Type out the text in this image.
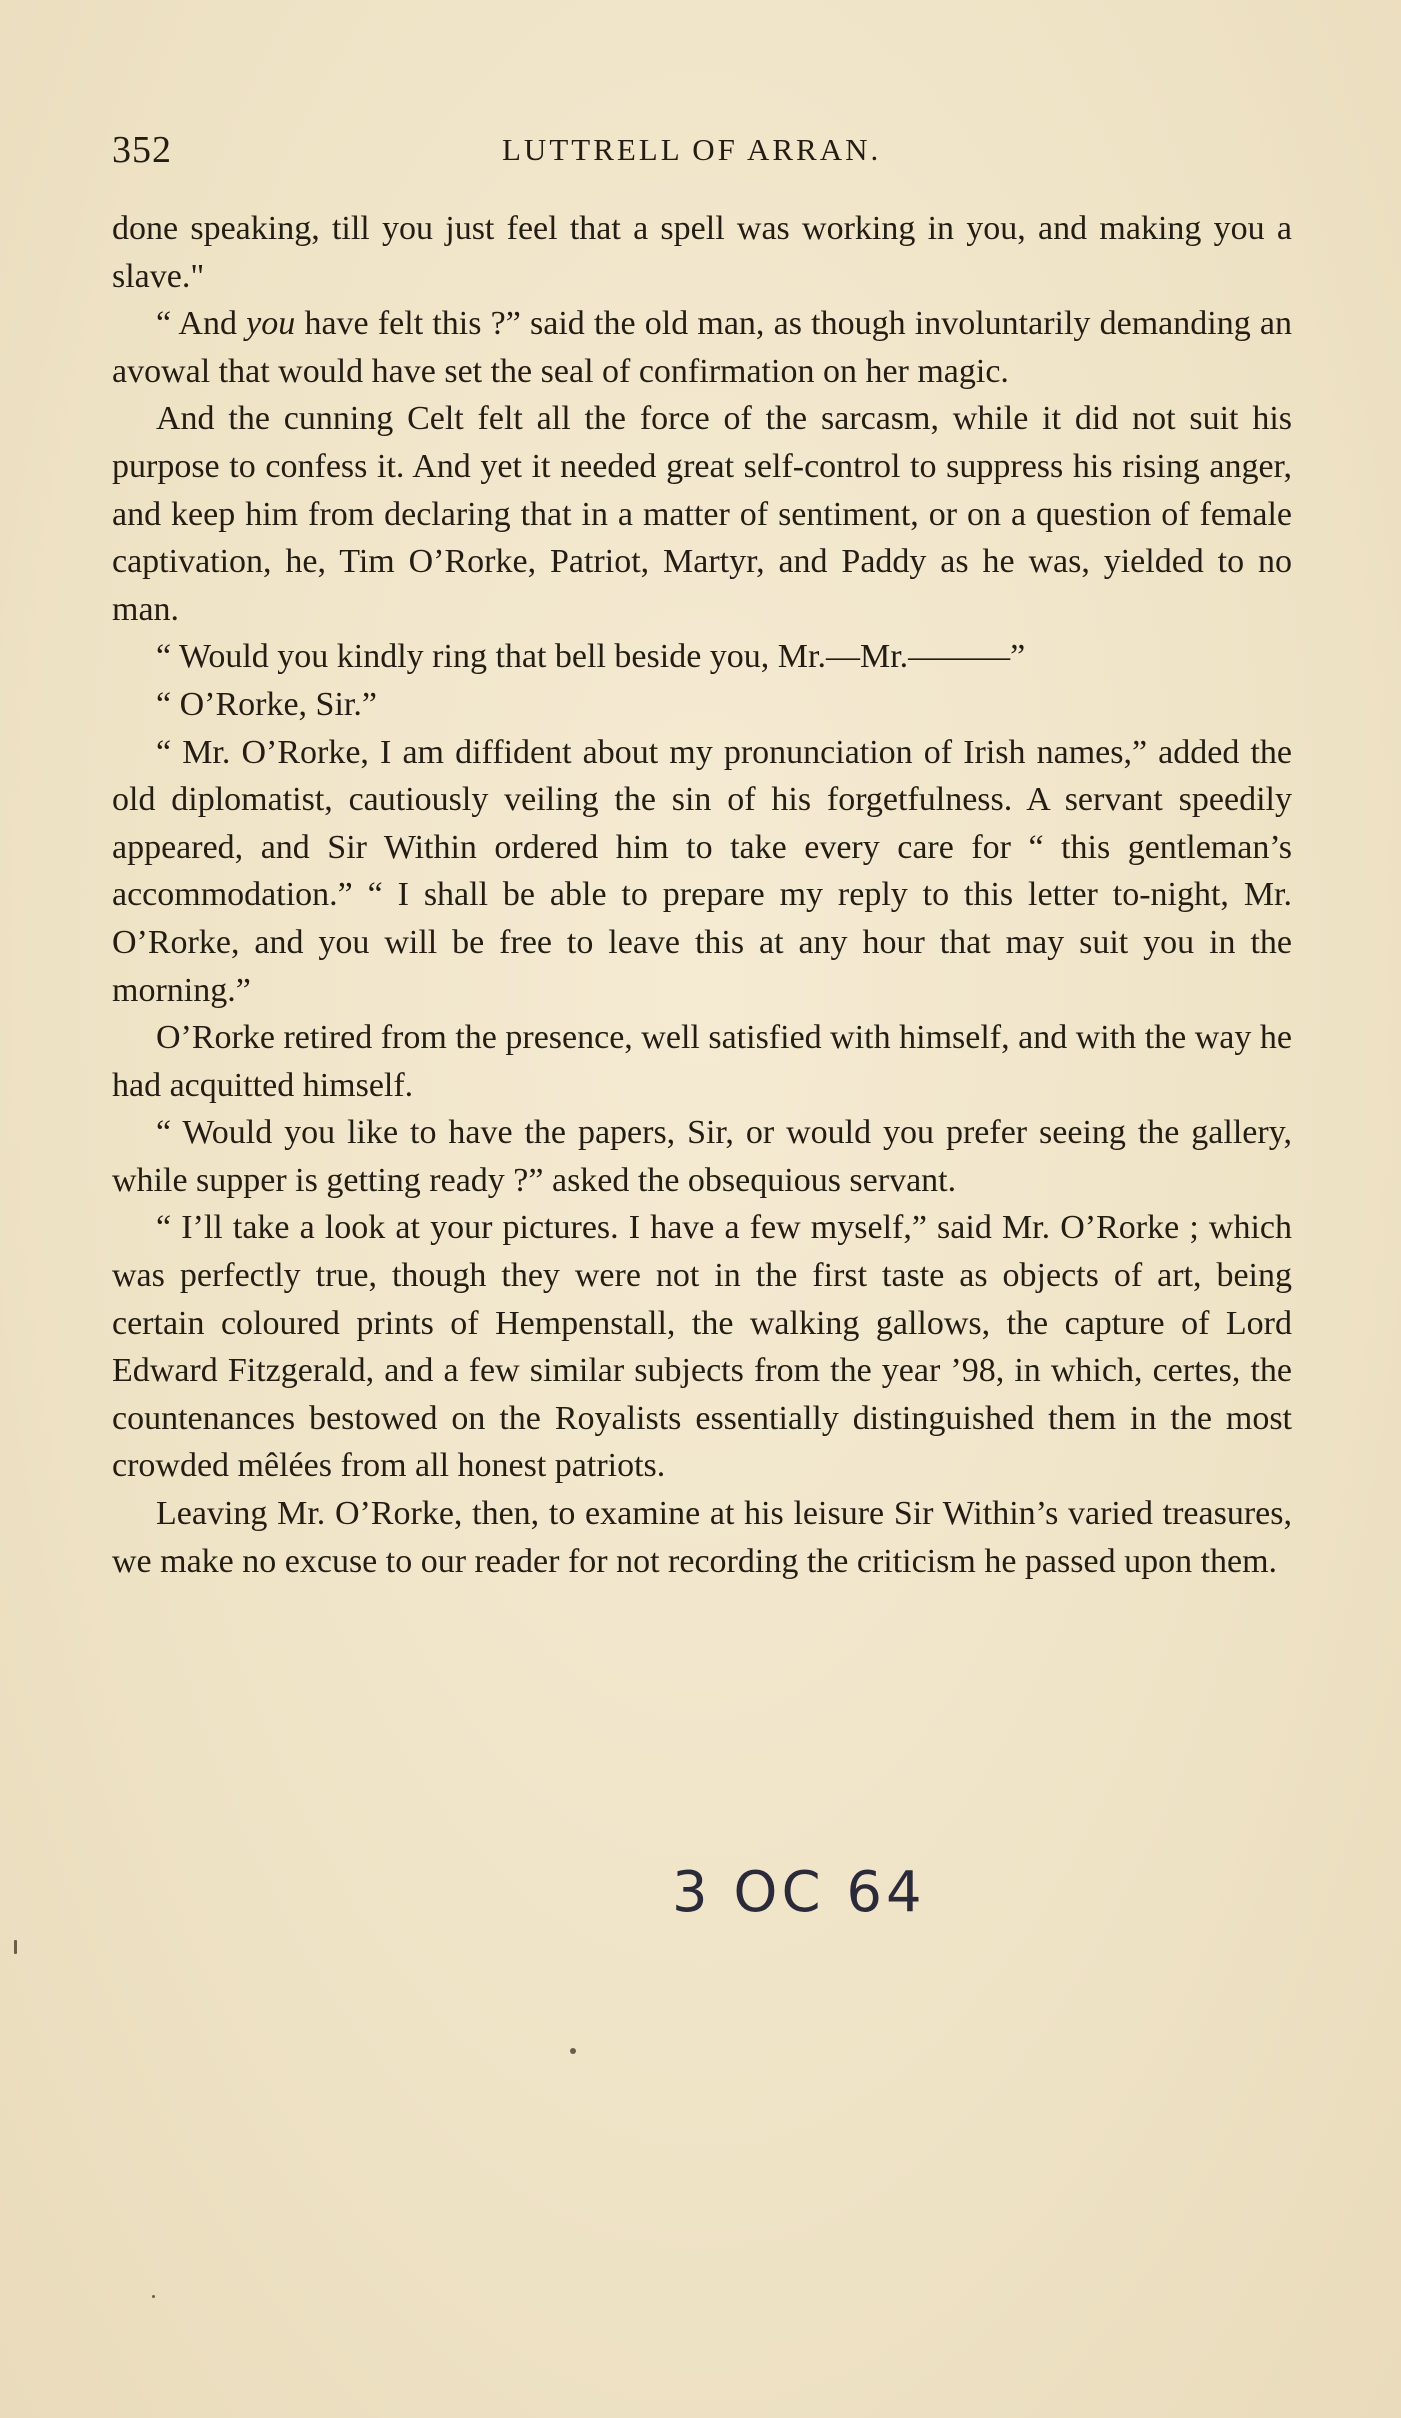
352	LUTTRELL OF ARRAN.

done speaking, till you just feel that a spell was working in you, and making you a slave."

“ And you have felt this ?” said the old man, as though involuntarily demanding an avowal that would have set the seal of confirmation on her magic.

And the cunning Celt felt all the force of the sarcasm, while it did not suit his purpose to confess it. And yet it needed great self-control to suppress his rising anger, and keep him from declaring that in a matter of sentiment, or on a question of female captivation, he, Tim O’Rorke, Patriot, Martyr, and Paddy as he was, yielded to no man.

“ Would you kindly ring that bell beside you, Mr.—Mr.———”

“ O’Rorke, Sir.”

“ Mr. O’Rorke, I am diffident about my pronunciation of Irish names,” added the old diplomatist, cautiously veiling the sin of his forgetfulness. A servant speedily appeared, and Sir Within ordered him to take every care for “ this gentleman’s accommodation.” “ I shall be able to prepare my reply to this letter to-night, Mr. O’Rorke, and you will be free to leave this at any hour that may suit you in the morning.”

O’Rorke retired from the presence, well satisfied with himself, and with the way he had acquitted himself.

“ Would you like to have the papers, Sir, or would you prefer seeing the gallery, while supper is getting ready ?” asked the obsequious servant.

“ I’ll take a look at your pictures. I have a few myself,” said Mr. O’Rorke ; which was perfectly true, though they were not in the first taste as objects of art, being certain coloured prints of Hempenstall, the walking gallows, the capture of Lord Edward Fitzgerald, and a few similar subjects from the year ’98, in which, certes, the countenances bestowed on the Royalists essentially distinguished them in the most crowded mêlées from all honest patriots.

Leaving Mr. O’Rorke, then, to examine at his leisure Sir Within’s varied treasures, we make no excuse to our reader for not recording the criticism he passed upon them.

3 OC 64
